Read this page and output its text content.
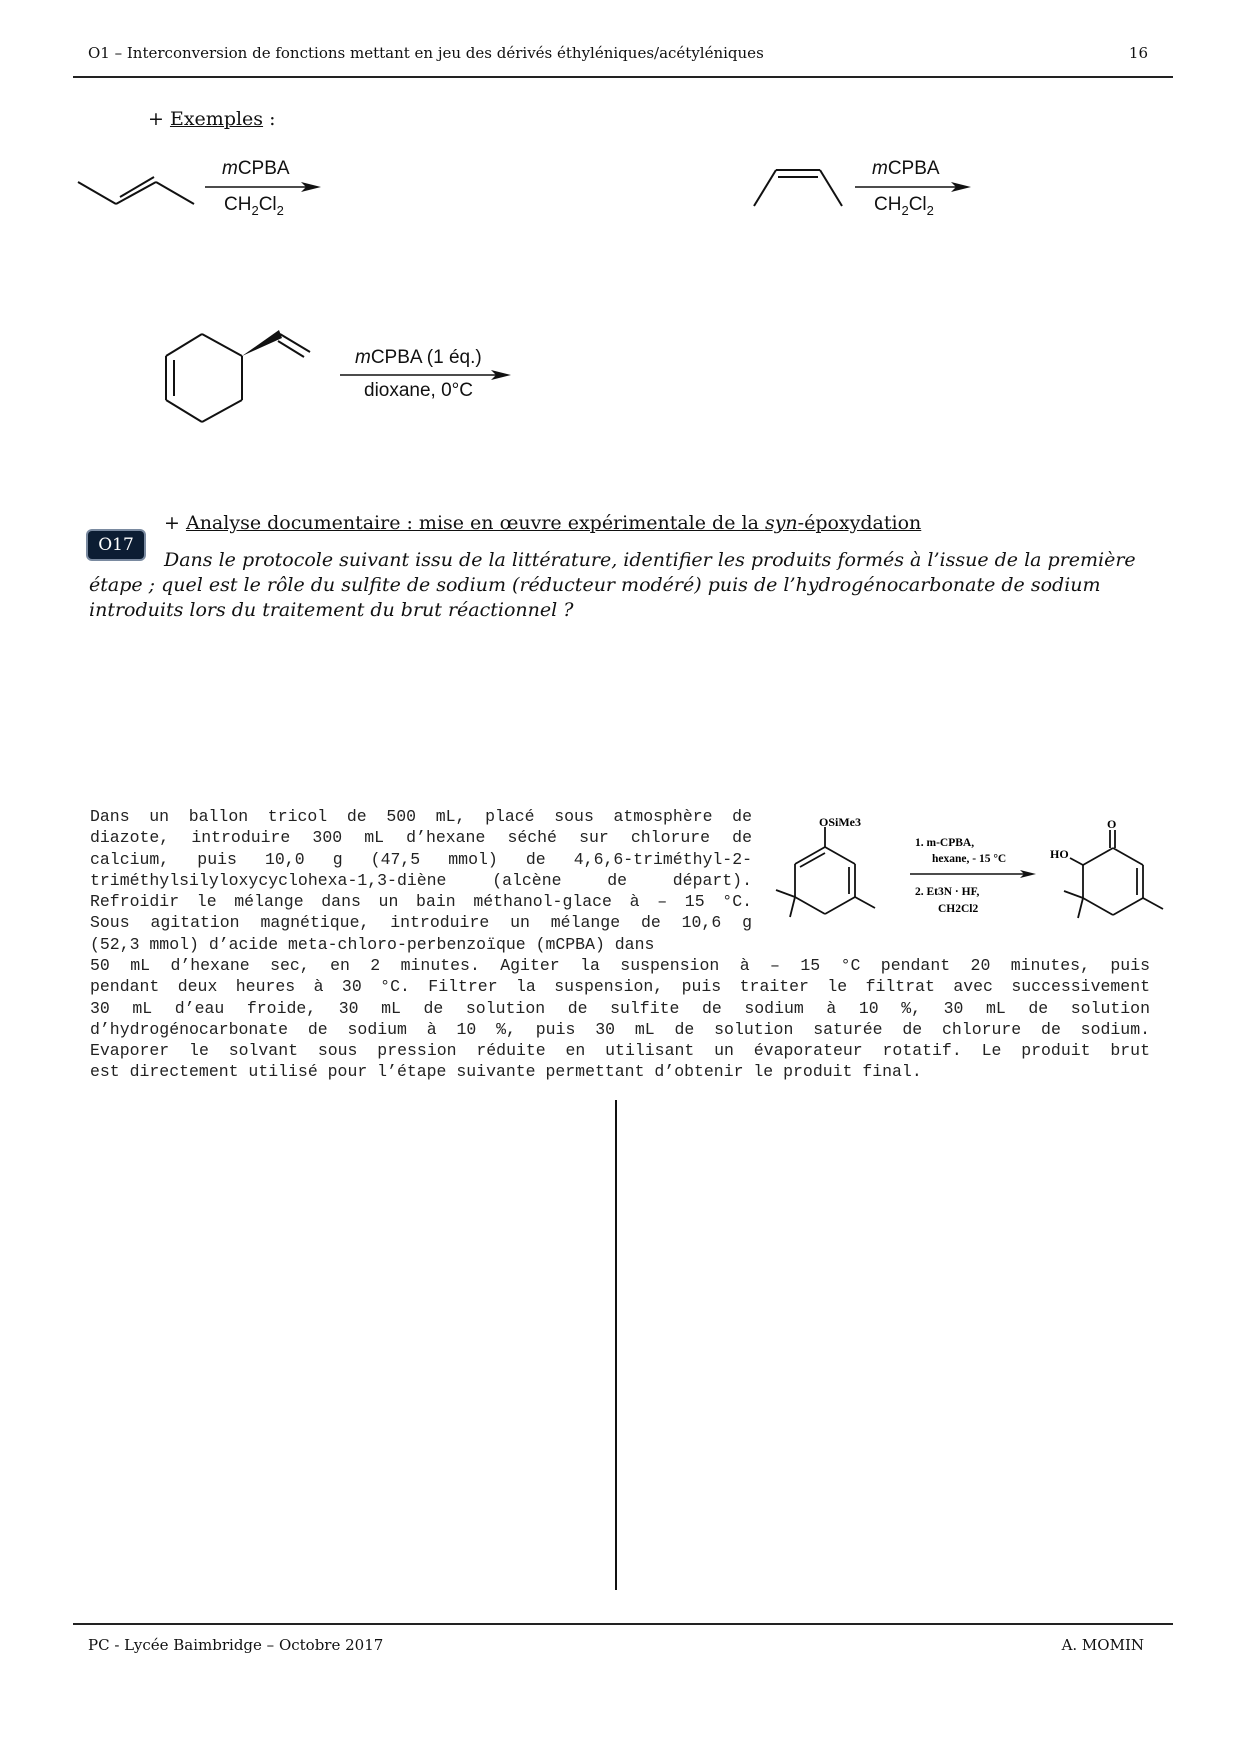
O1 – Interconversion de fonctions mettant en jeu des dérivés éthyléniques/acétyléniques	16
+ Exemples :
mCPBA
$CH_2Cl_2$
mCPBA
$CH_2Cl_2$
mCPBA (1 éq.)
dioxane, 0°C
O17
+ Analyse documentaire : mise en œuvre expérimentale de la syn-époxydation
Dans le protocole suivant issu de la littérature, identifier les produits formés à l’issue de la première étape ; quel est le rôle du sulfite de sodium (réducteur modéré) puis de l’hydrogénocarbonate de sodium introduits lors du traitement du brut réactionnel ?
Dans un ballon tricol de 500 mL, placé sous atmosphère de
diazote, introduire 300 mL d’hexane séché sur chlorure de
calcium, puis 10,0 g (47,5 mmol) de 4,6,6-triméthyl-2-
triméthylsilyloxycyclohexa-1,3-diène (alcène de départ).
Refroidir le mélange dans un bain méthanol-glace à – 15 °C.
Sous agitation magnétique, introduire un mélange de 10,6 g
(52,3 mmol) d’acide meta-chloro-perbenzoïque (mCPBA) dans
50 mL d’hexane sec, en 2 minutes. Agiter la suspension à – 15 °C pendant 20 minutes, puis
pendant deux heures à 30 °C. Filtrer la suspension, puis traiter le filtrat avec successivement
30 mL d’eau froide, 30 mL de solution de sulfite de sodium à 10 %, 30 mL de solution
d’hydrogénocarbonate de sodium à 10 %, puis 30 mL de solution saturée de chlorure de sodium.
Evaporer le solvant sous pression réduite en utilisant un évaporateur rotatif. Le produit brut
est directement utilisé pour l’étape suivante permettant d’obtenir le produit final.
OSiMe3
1. m-CPBA,
hexane, - 15 °C
2. Et3N · HF,
CH2Cl2
O
HO
PC - Lycée Baimbridge – Octobre 2017	A. MOMIN
